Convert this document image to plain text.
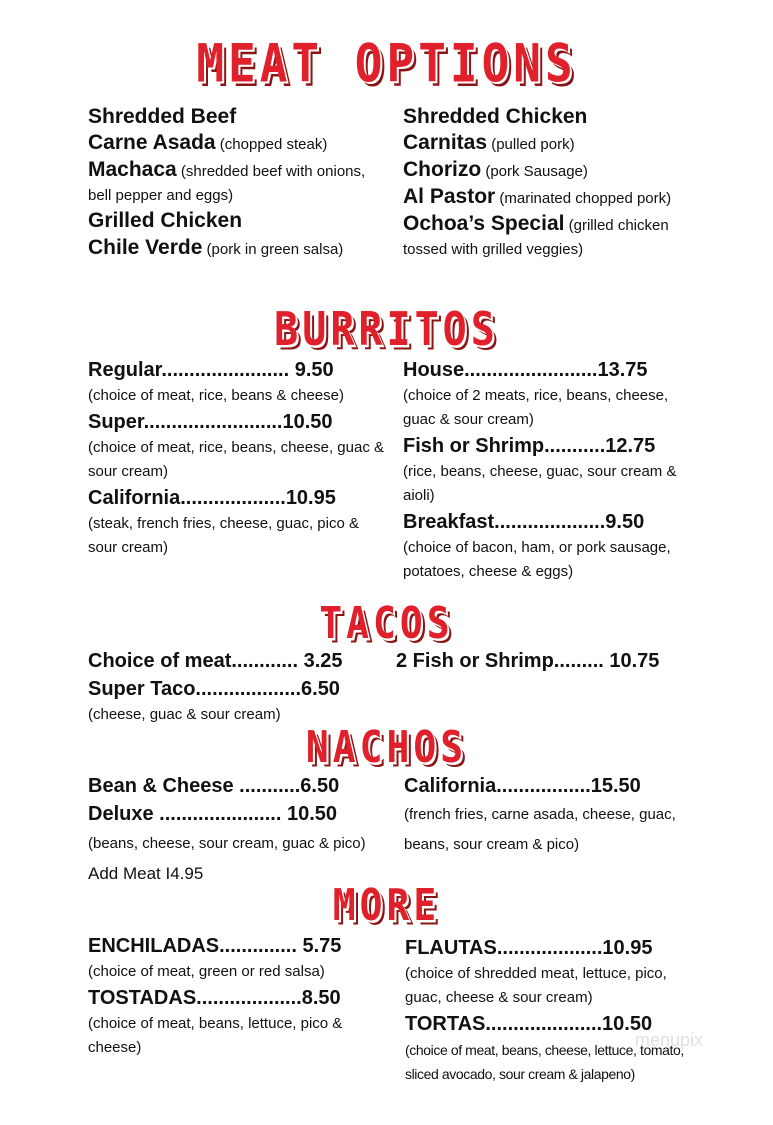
MEAT OPTIONS
BURRITOS
TACOS
NACHOS
MORE
Shredded Beef
Carne Asada (chopped steak)
Machaca (shredded beef with onions, bell pepper and eggs)
Grilled Chicken
Chile Verde (pork in green salsa)
Shredded Chicken
Carnitas (pulled pork)
Chorizo (pork Sausage)
Al Pastor (marinated chopped pork)
Ochoa’s Special (grilled chicken tossed with grilled veggies)
Regular....................... 9.50
(choice of meat, rice, beans & cheese)
Super.........................10.50
(choice of meat, rice, beans, cheese, guac & sour cream)
California...................10.95
(steak, french fries, cheese, guac, pico & sour cream)
House........................13.75
(choice of 2 meats, rice, beans, cheese, guac & sour cream)
Fish or Shrimp...........12.75
(rice, beans, cheese, guac, sour cream & aioli)
Breakfast....................9.50
(choice of bacon, ham, or pork sausage, potatoes, cheese & eggs)
Choice of meat............ 3.25
Super Taco...................6.50
(cheese, guac & sour cream)
2 Fish or Shrimp......... 10.75
Bean & Cheese ...........6.50
Deluxe ...................... 10.50
(beans, cheese, sour cream, guac & pico)
Add Meat I4.95
California.................15.50
(french fries, carne asada, cheese, guac, beans, sour cream & pico)
ENCHILADAS.............. 5.75
(choice of meat, green or red salsa)
TOSTADAS...................8.50
(choice of meat, beans, lettuce, pico & cheese)
FLAUTAS...................10.95
(choice of shredded meat, lettuce, pico, guac, cheese & sour cream)
TORTAS.....................10.50
(choice of meat, beans, cheese, lettuce, tomato, sliced avocado, sour cream & jalapeno)
menupix
